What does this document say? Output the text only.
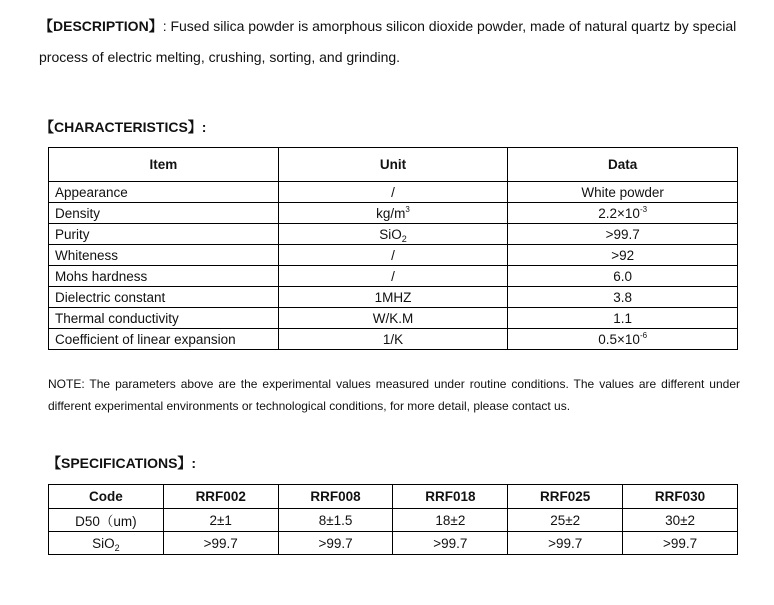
【DESCRIPTION】: Fused silica powder is amorphous silicon dioxide powder, made of natural quartz by special process of electric melting, crushing, sorting, and grinding.
【CHARACTERISTICS】:
Item	Unit	Data
Appearance	/	White powder
Density	$kg/m^3$	$2.2\times 10^{-3}$
Purity	SiO$_2$	>99.7
Whiteness	/	>92
Mohs hardness	/	6.0
Dielectric constant	1MHZ	3.8
Thermal conductivity	W/K.M	1.1
Coefficient of linear expansion	1/K	$0.5\times 10^{-6}$
NOTE: The parameters above are the experimental values measured under routine conditions. The values are different under different experimental environments or technological conditions, for more detail, please contact us.
【SPECIFICATIONS】:
Code	RRF002	RRF008	RRF018	RRF025	RRF030
D50（um)	2±1	8±1.5	18±2	25±2	30±2
SiO$_2$	>99.7	>99.7	>99.7	>99.7	>99.7
